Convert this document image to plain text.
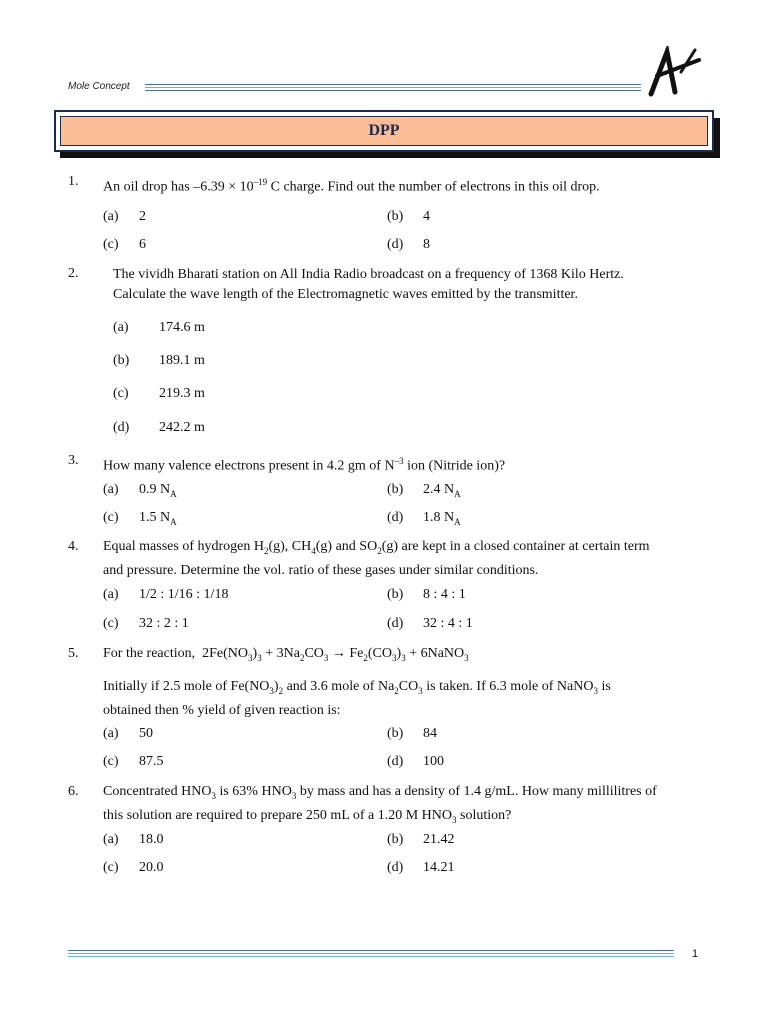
Mole Concept
DPP
1. An oil drop has $-6.39 \times 10^{-19}$ C charge. Find out the number of electrons in this oil drop.
(a) 2	(b) 4
(c) 6	(d) 8
2. The vividh Bharati station on All India Radio broadcast on a frequency of 1368 Kilo Hertz.
Calculate the wave length of the Electromagnetic waves emitted by the transmitter.
(a) 174.6 m
(b) 189.1 m
(c) 219.3 m
(d) 242.2 m
3. How many valence electrons present in 4.2 gm of $N^{-3}$ ion (Nitride ion)?
(a) 0.9 $N_A$	(b) 2.4 $N_A$
(c) 1.5 $N_A$	(d) 1.8 $N_A$
4. Equal masses of hydrogen $H_2(g)$, $CH_4(g)$ and $SO_2(g)$ are kept in a closed container at certain term
and pressure. Determine the vol. ratio of these gases under similar conditions.
(a) 1/2 : 1/16 : 1/18	(b) 8 : 4 : 1
(c) 32 : 2 : 1	(d) 32 : 4 : 1
5. For the reaction,  $2Fe(NO_3)_3 + 3Na_2CO_3 \to Fe_2(CO_3)_3$ + 6NaNO$_3$
Initially if 2.5 mole of $Fe(NO_3)_2$ and 3.6 mole of $Na_2CO_3$ is taken. If 6.3 mole of NaNO$_3$ is
obtained then % yield of given reaction is:
(a) 50	(b) 84
(c) 87.5	(d) 100
6. Concentrated $HNO_3$ is 63% $HNO_3$ by mass and has a density of 1.4 g/mL. How many millilitres of
this solution are required to prepare 250 mL of a 1.20 M $HNO_3$ solution?
(a) 18.0	(b) 21.42
(c) 20.0	(d) 14.21
1
